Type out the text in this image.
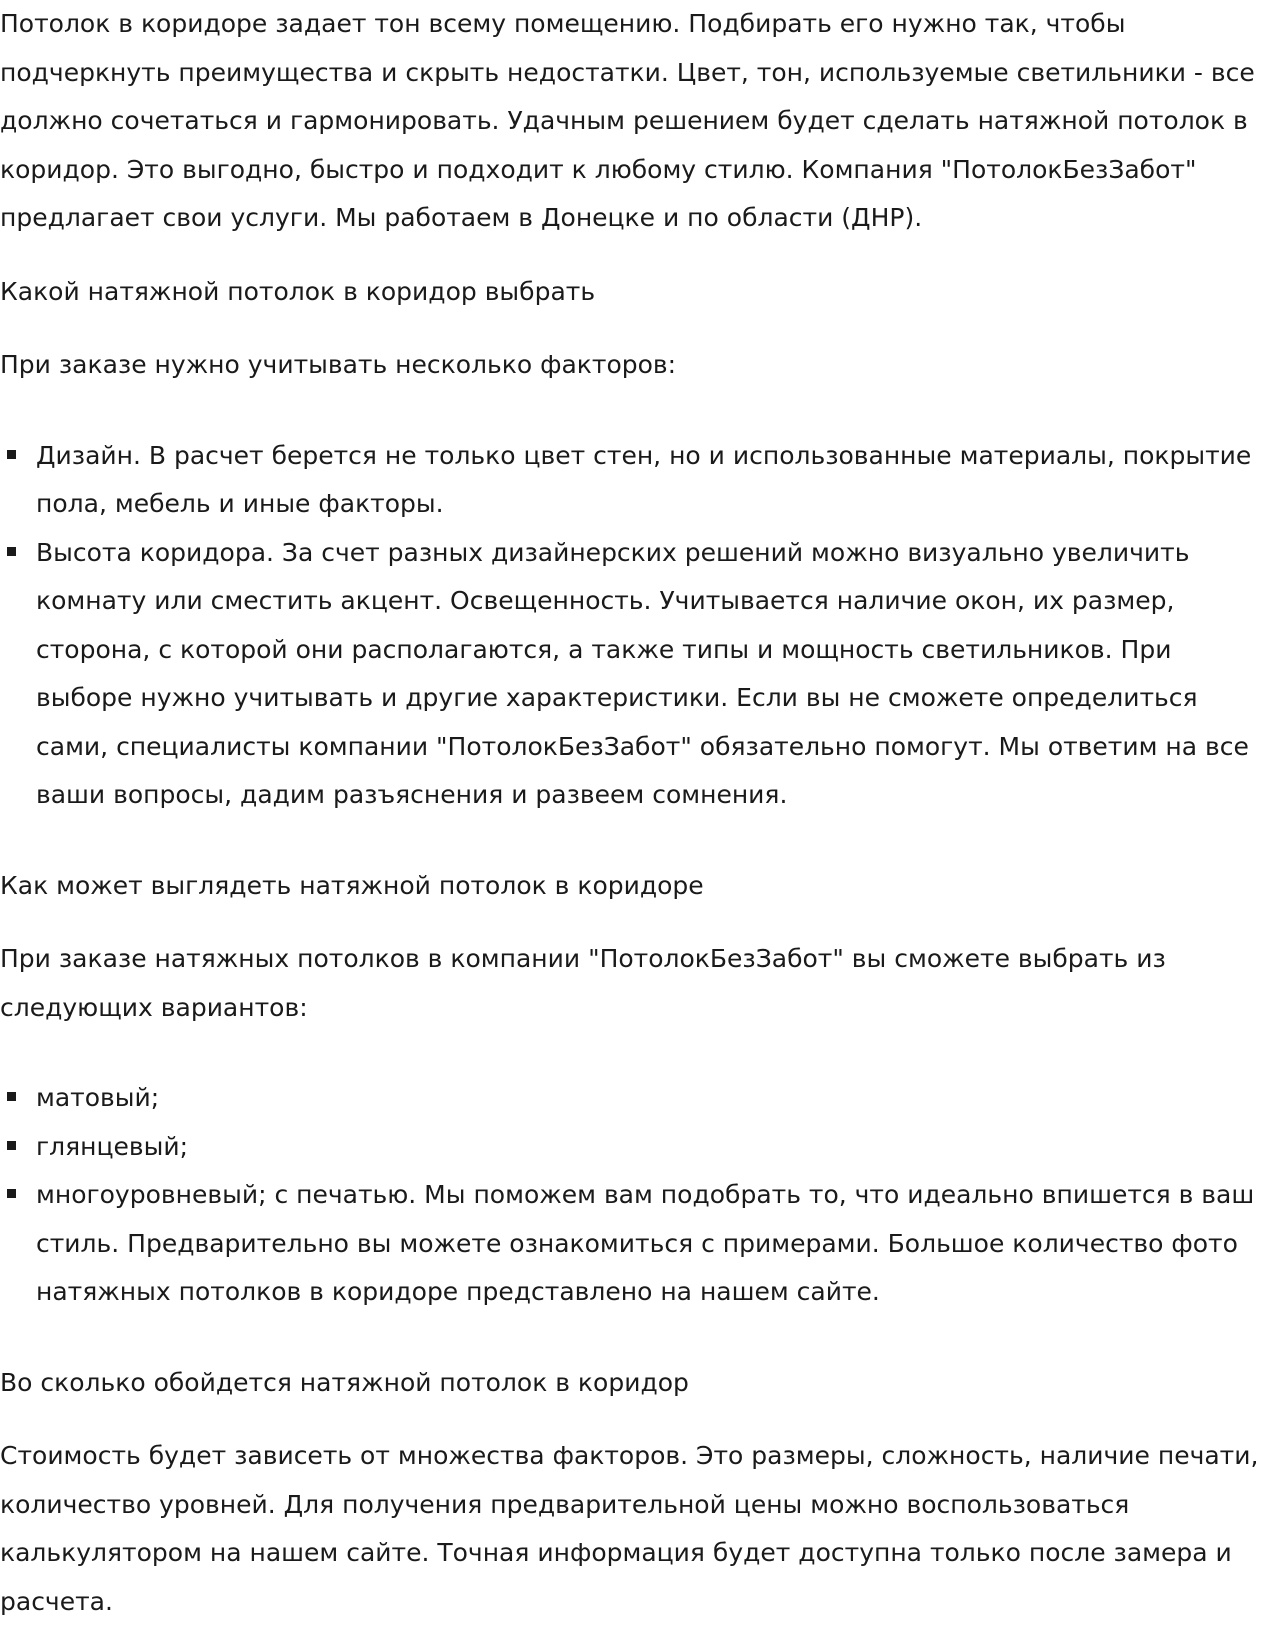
Потолок в коридоре задает тон всему помещению. Подбирать его нужно так, чтобы подчеркнуть преимущества и скрыть недостатки. Цвет, тон, используемые светильники - все должно сочетаться и гармонировать. Удачным решением будет сделать натяжной потолок в коридор. Это выгодно, быстро и подходит к любому стилю. Компания "ПотолокБезЗабот" предлагает свои услуги. Мы работаем в Донецке и по области (ДНР).

Какой натяжной потолок в коридор выбрать

При заказе нужно учитывать несколько факторов:

Дизайн. В расчет берется не только цвет стен, но и использованные материалы, покрытие пола, мебель и иные факторы.
Высота коридора. За счет разных дизайнерских решений можно визуально увеличить комнату или сместить акцент. Освещенность. Учитывается наличие окон, их размер, сторона, с которой они располагаются, а также типы и мощность светильников. При выборе нужно учитывать и другие характеристики. Если вы не сможете определиться сами, специалисты компании "ПотолокБезЗабот" обязательно помогут. Мы ответим на все ваши вопросы, дадим разъяснения и развеем сомнения.

Как может выглядеть натяжной потолок в коридоре

При заказе натяжных потолков в компании "ПотолокБезЗабот" вы сможете выбрать из следующих вариантов:

матовый;
глянцевый;
многоуровневый; с печатью. Мы поможем вам подобрать то, что идеально впишется в ваш стиль. Предварительно вы можете ознакомиться с примерами. Большое количество фото натяжных потолков в коридоре представлено на нашем сайте.

Во сколько обойдется натяжной потолок в коридор

Стоимость будет зависеть от множества факторов. Это размеры, сложность, наличие печати, количество уровней. Для получения предварительной цены можно воспользоваться калькулятором на нашем сайте. Точная информация будет доступна только после замера и расчета.
